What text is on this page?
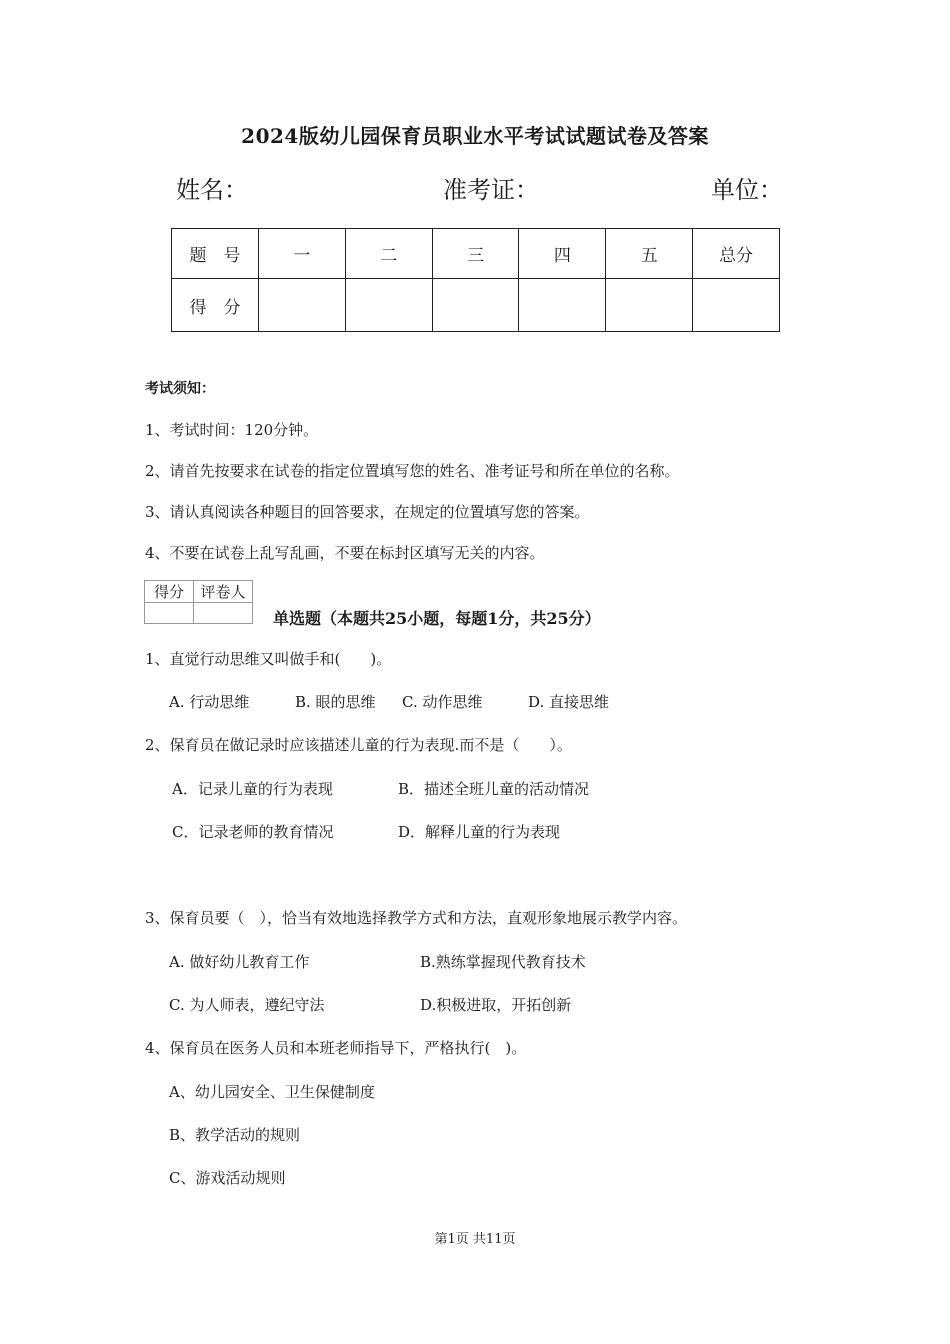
2024版幼儿园保育员职业水平考试试题试卷及答案
姓名：	准考证：	单位：
题　号	一	二	三	四	五	总分
得　分						
考试须知：
1、考试时间：120分钟。
2、请首先按要求在试卷的指定位置填写您的姓名、准考证号和所在单位的名称。
3、请认真阅读各种题目的回答要求，在规定的位置填写您的答案。
4、不要在试卷上乱写乱画，不要在标封区填写无关的内容。
得分	评卷人

单选题（本题共25小题，每题1分，共25分）
1、直觉行动思维又叫做手和(　　)。
A. 行动思维	B. 眼的思维 C. 动作思维	D. 直接思维
2、保育员在做记录时应该描述儿童的行为表现.而不是（　　）。
A．记录儿童的行为表现	B．描述全班儿童的活动情况
C．记录老师的教育情况	D．解释儿童的行为表现
3、保育员要（　），恰当有效地选择教学方式和方法，直观形象地展示教学内容。
A. 做好幼儿教育工作	B.熟练掌握现代教育技术
C. 为人师表，遵纪守法	D.积极进取，开拓创新
4、保育员在医务人员和本班老师指导下，严格执行(　)。
A、幼儿园安全、卫生保健制度
B、教学活动的规则
C、游戏活动规则
第1页 共11页
